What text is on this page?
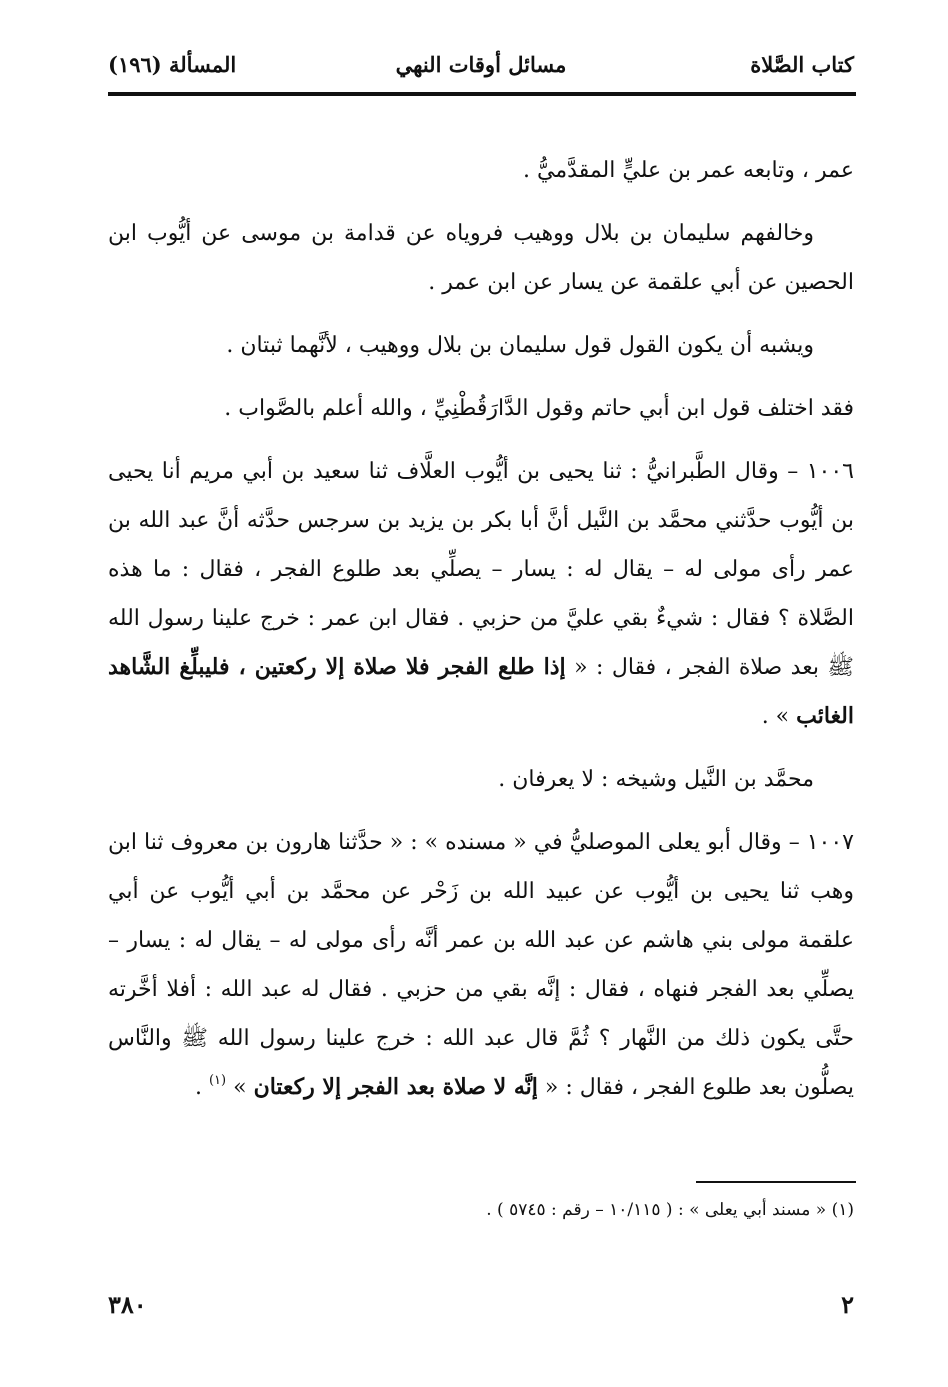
كتاب الصَّلاة
مسائل أوقات النهي
المسألة (١٩٦)

عمر ، وتابعه عمر بن عليٍّ المقدَّميُّ .

وخالفهم سليمان بن بلال ووهيب فروياه عن قدامة بن موسى عن أيُّوب ابن الحصين عن أبي علقمة عن يسار عن ابن عمر .

ويشبه أن يكون القول قول سليمان بن بلال ووهيب ، لأنَّهما ثبتان .

فقد اختلف قول ابن أبي حاتم وقول الدَّارَقُطْنِيِّ ، والله أعلم بالصَّواب .

١٠٠٦ – وقال الطَّبرانيُّ : ثنا يحيى بن أيُّوب العلَّاف ثنا سعيد بن أبي مريم أنا يحيى بن أيُّوب حدَّثني محمَّد بن النَّيل أنَّ أبا بكر بن يزيد بن سرجس حدَّثه أنَّ عبد الله بن عمر رأى مولى له – يقال له : يسار – يصلِّي بعد طلوع الفجر ، فقال : ما هذه الصَّلاة ؟ فقال : شيءٌ بقي عليَّ من حزبي . فقال ابن عمر : خرج علينا رسول الله ﷺ بعد صلاة الفجر ، فقال : « إذا طلع الفجر فلا صلاة إلا ركعتين ، فليبلِّغ الشَّاهد الغائب » .

محمَّد بن النَّيل وشيخه : لا يعرفان .

١٠٠٧ – وقال أبو يعلى الموصليُّ في « مسنده » : « حدَّثنا هارون بن معروف ثنا ابن وهب ثنا يحيى بن أيُّوب عن عبيد الله بن زَحْر عن محمَّد بن أبي أيُّوب عن أبي علقمة مولى بني هاشم عن عبد الله بن عمر أنَّه رأى مولى له – يقال له : يسار – يصلِّي بعد الفجر فنهاه ، فقال : إنَّه بقي من حزبي . فقال له عبد الله : أفلا أخَّرته حتَّى يكون ذلك من النَّهار ؟ ثُمَّ قال عبد الله : خرج علينا رسول الله ﷺ والنَّاس يصلُّون بعد طلوع الفجر ، فقال : « إنَّه لا صلاة بعد الفجر إلا ركعتان » $^{(١)}$ .

(١) « مسند أبي يعلى » : ( ١٠/١١٥ – رقم : ٥٧٤٥ ) .
٢
٣٨٠
